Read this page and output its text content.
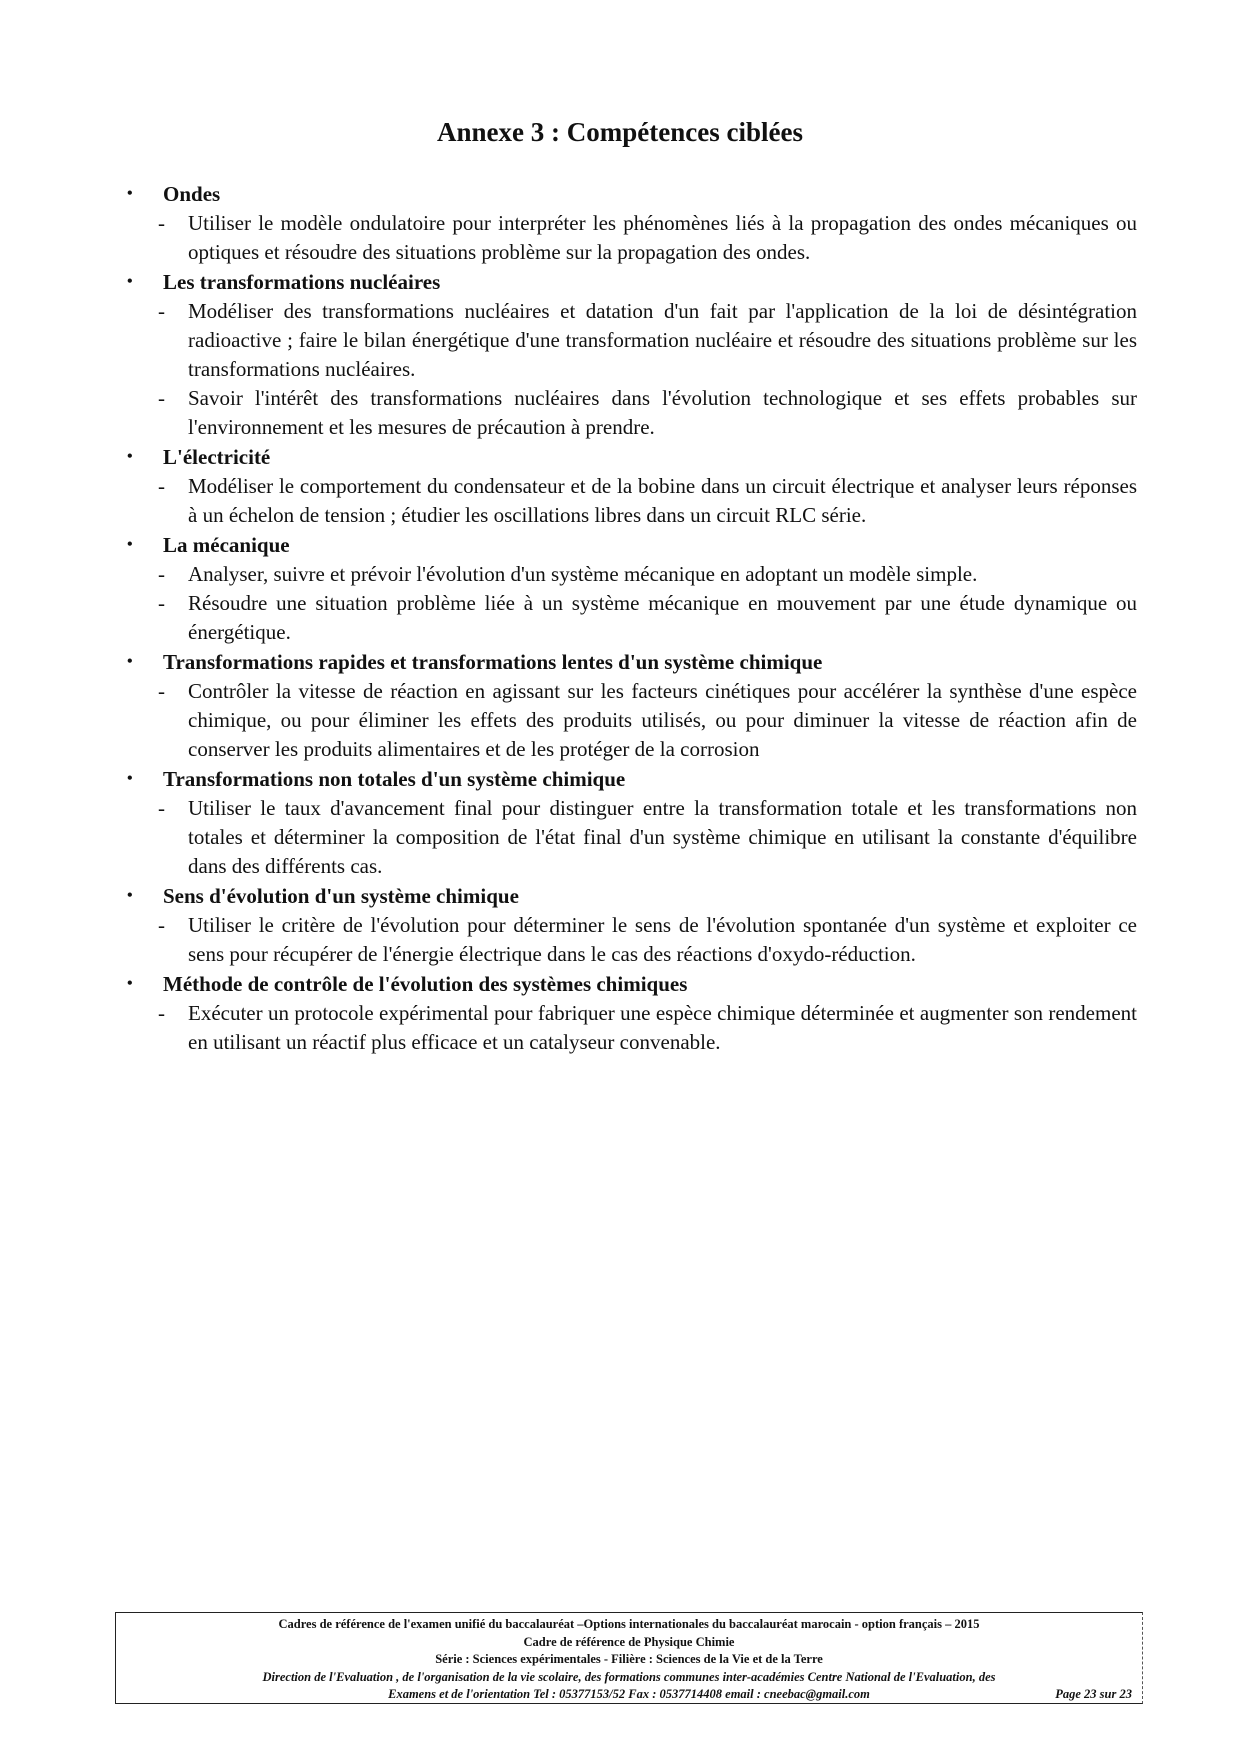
Annexe 3 : Compétences ciblées
• Ondes
- Utiliser le modèle ondulatoire pour interpréter les phénomènes liés à la propagation des ondes mécaniques ou optiques et résoudre des situations problème sur la propagation des ondes.
• Les transformations nucléaires
- Modéliser des transformations nucléaires et datation d'un fait par l'application de la loi de désintégration radioactive ; faire le bilan énergétique d'une transformation nucléaire et résoudre des situations problème sur les transformations nucléaires.
- Savoir l'intérêt des transformations nucléaires dans l'évolution technologique et ses effets probables sur l'environnement et les mesures de précaution à prendre.
• L'électricité
- Modéliser le comportement du condensateur et de la bobine dans un circuit électrique et analyser leurs réponses à un échelon de tension ; étudier les oscillations libres dans un circuit RLC série.
• La mécanique
- Analyser, suivre et prévoir l'évolution d'un système mécanique en adoptant un modèle simple.
- Résoudre une situation problème liée à un système mécanique en mouvement par une étude dynamique ou énergétique.
• Transformations rapides et transformations lentes d'un système chimique
- Contrôler la vitesse de réaction en agissant sur les facteurs cinétiques pour accélérer la synthèse d'une espèce chimique, ou pour éliminer les effets des produits utilisés, ou pour diminuer la vitesse de réaction afin de conserver les produits alimentaires et de les protéger de la corrosion
• Transformations non totales d'un système chimique
- Utiliser le taux d'avancement final pour distinguer entre la transformation totale et les transformations non totales et déterminer la composition de l'état final d'un système chimique en utilisant la constante d'équilibre dans des différents cas.
• Sens d'évolution d'un système chimique
- Utiliser le critère de l'évolution pour déterminer le sens de l'évolution spontanée d'un système et exploiter ce sens pour récupérer de l'énergie électrique dans le cas des réactions d'oxydo-réduction.
• Méthode de contrôle de l'évolution des systèmes chimiques
- Exécuter un protocole expérimental pour fabriquer une espèce chimique déterminée et augmenter son rendement en utilisant un réactif plus efficace et un catalyseur convenable.
Cadres de référence de l'examen unifié du baccalauréat –Options internationales du baccalauréat marocain - option français – 2015
Cadre de référence de Physique Chimie
Série : Sciences expérimentales - Filière : Sciences de la Vie et de la Terre
Direction de l'Evaluation , de l'organisation de la vie scolaire, des formations communes inter-académies Centre National de l'Evaluation, des
Examens et de l'orientation Tel : 05377153/52 Fax : 0537714408 email : cneebac@gmail.com	Page 23 sur 23
